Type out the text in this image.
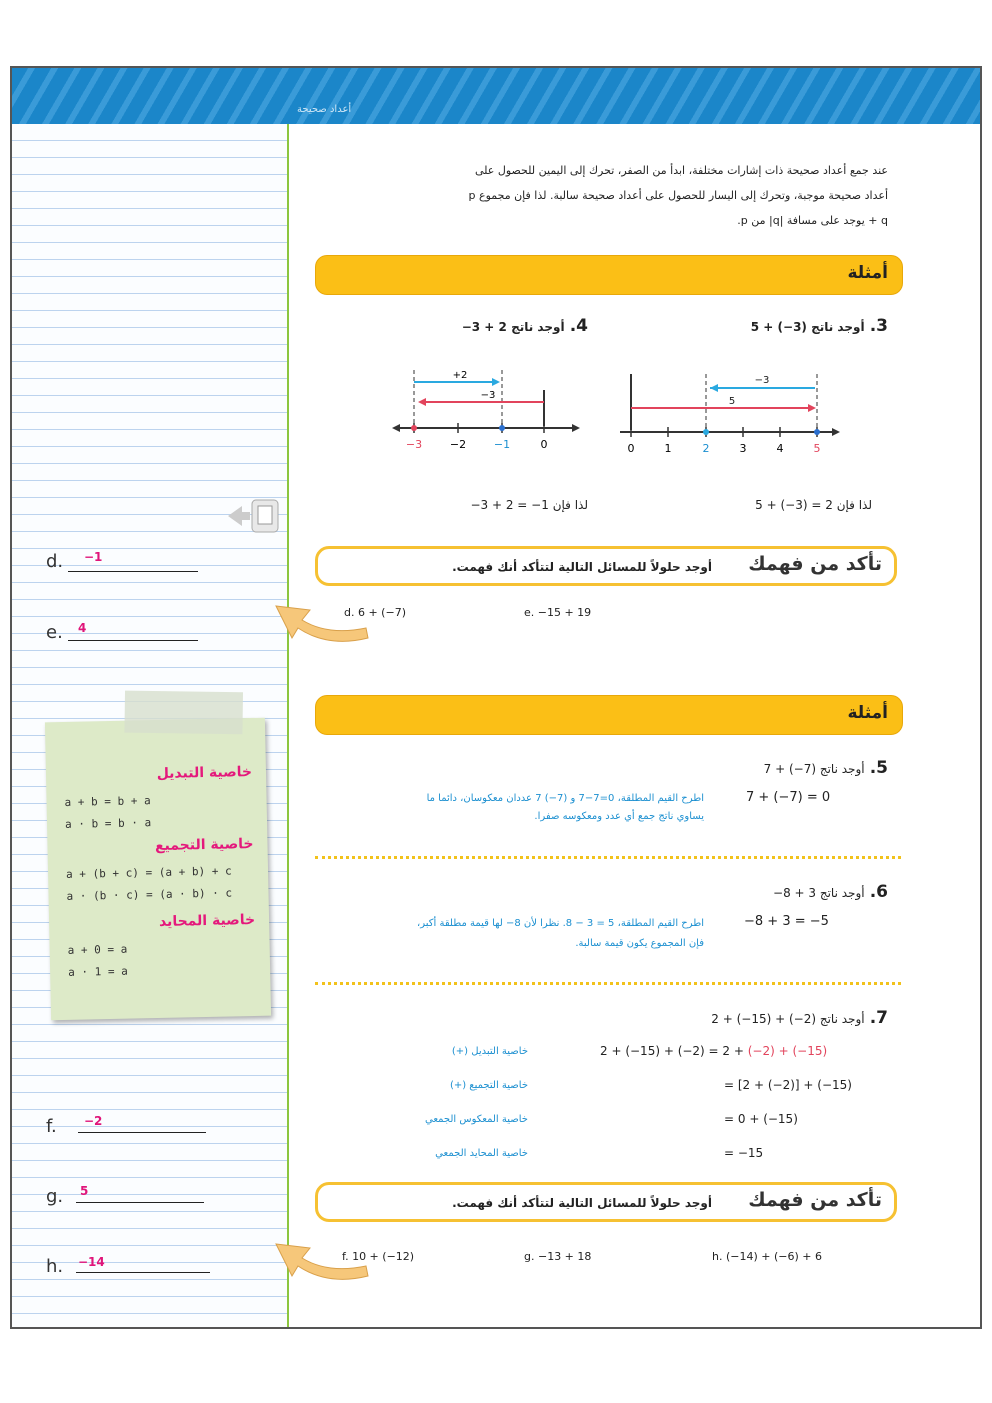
أعداد صحيحة
d. −1
e. 4
خاصية التبديل
a + b = b + a
a · b = b · a
خاصية التجميع
a + (b + c) = (a + b) + c
a · (b · c) = (a · b) · c
خاصية المحايد
a + 0 = a
a · 1 = a
f. −2
g. 5
h. −14
عند جمع أعداد صحيحة ذات إشارات مختلفة، ابدأ من الصفر، تحرك إلى اليمين للحصول على
أعداد صحيحة موجبة، وتحرك إلى اليسار للحصول على أعداد صحيحة سالبة. لذا فإن مجموع p
q + يوجد على مسافة |q| من p.
أمثلة
3. أوجد ناتج (3−) + 5
4. أوجد ناتج 2 + 3−
−3
5
0	1	2	3	4	5
+2
−3
−3	−2	−1	0
لذا فإن 2 = (3−) + 5
لذا فإن 1− = 2 + 3−
تأكد من فهمك
أوجد حلولاً للمسائل التالية لتتأكد أنك فهمت.
d. 6 + (−7)	e. −15 + 19
أمثلة
5. أوجد ناتج (7−) + 7
7 + (−7) = 0
اطرح القيم المطلقة، 0=7−7 و (7−) 7 عددان معكوسان، دائما ما
يساوي ناتج جمع أي عدد ومعكوسه صفرا.
6. أوجد ناتج 3 + 8−
−8 + 3 = −5
اطرح القيم المطلقة، 5 = 3 − 8. نظرا لأن 8− لها قيمة مطلقة أكبر،
فإن المجموع يكون قيمة سالبة.
7. أوجد ناتج (2−) + (15−) + 2
2 + (−15) + (−2) = 2 + (−2) + (−15)
خاصية التبديل (+)
= [2 + (−2)] + (−15)
خاصية التجميع (+)
= 0 + (−15)
خاصية المعكوس الجمعي
= −15
خاصية المحايد الجمعي
تأكد من فهمك
أوجد حلولاً للمسائل التالية لتتأكد أنك فهمت.
f. 10 + (−12)	g. −13 + 18	h. (−14) + (−6) + 6
